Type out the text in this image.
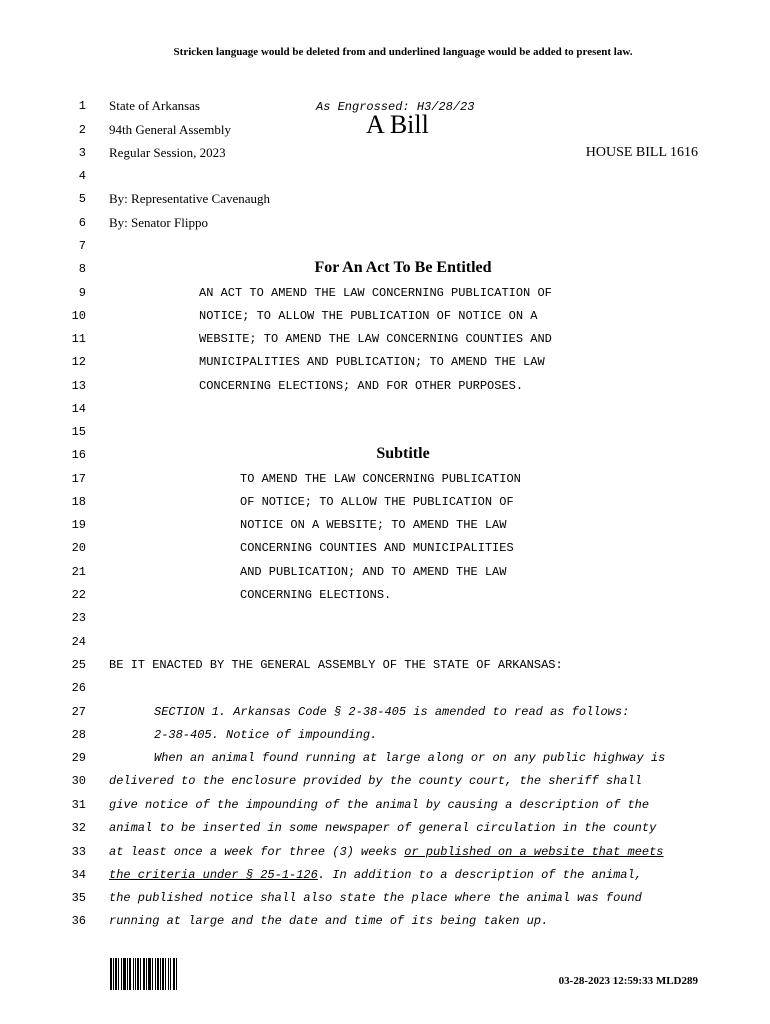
Stricken language would be deleted from and underlined language would be added to present law.
1
2
3
4
5
6
7
8
9
10
11
12
13
14
15
16
17
18
19
20
21
22
23
24
25
26
27
28
29
30
31
32
33
34
35
36
State of Arkansas	As Engrossed: H3/28/23
A Bill
94th General Assembly
Regular Session, 2023	HOUSE BILL 1616
By: Representative Cavenaugh
By: Senator Flippo
For An Act To Be Entitled
AN ACT TO AMEND THE LAW CONCERNING PUBLICATION OF
NOTICE; TO ALLOW THE PUBLICATION OF NOTICE ON A
WEBSITE; TO AMEND THE LAW CONCERNING COUNTIES AND
MUNICIPALITIES AND PUBLICATION; TO AMEND THE LAW
CONCERNING ELECTIONS; AND FOR OTHER PURPOSES.
Subtitle
TO AMEND THE LAW CONCERNING PUBLICATION
OF NOTICE; TO ALLOW THE PUBLICATION OF
NOTICE ON A WEBSITE; TO AMEND THE LAW
CONCERNING COUNTIES AND MUNICIPALITIES
AND PUBLICATION; AND TO AMEND THE LAW
CONCERNING ELECTIONS.
BE IT ENACTED BY THE GENERAL ASSEMBLY OF THE STATE OF ARKANSAS:
SECTION 1. Arkansas Code § 2-38-405 is amended to read as follows:
2-38-405. Notice of impounding.
When an animal found running at large along or on any public highway is
delivered to the enclosure provided by the county court, the sheriff shall
give notice of the impounding of the animal by causing a description of the
animal to be inserted in some newspaper of general circulation in the county
at least once a week for three (3) weeks or published on a website that meets
the criteria under § 25-1-126. In addition to a description of the animal,
the published notice shall also state the place where the animal was found
running at large and the date and time of its being taken up.
03-28-2023 12:59:33 MLD289
